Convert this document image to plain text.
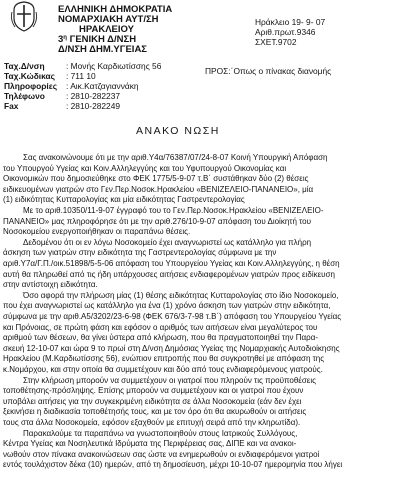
ΕΛΛΗΝΙΚΗ ΔΗΜΟΚΡΑΤΙΑ
ΝΟΜΑΡΧΙΑΚΗ ΑΥΤ/ΣΗ
ΗΡΑΚΛΕΙΟΥ
$3^\eta$ ΓΕΝΙΚΗ Δ/ΝΣΗ
Δ/ΝΣΗ ΔΗΜ.ΥΓΕΙΑΣ
Ηράκλειο 19- 9- 07
Αριθ.πρωτ.9346
ΣΧΕΤ.9702
Ταχ.Δ/νση	: Μονής Καρδιωτίσσης 56
Ταχ.Κώδικας : 711 10
Πληροφορίες : Αικ.Κατζαγιαννάκη
Τηλέφωνο	: 2810-282237
Fax	: 2810-282249
ΠΡΟΣ:΄Οπως ο πίνακας διανομής
ΑΝΑΚΟ ΝΩΣΗ
Σας ανακοινώνουμε ότι με την αριθ.Υ4α/76387/07/24-8-07 Κοινή Υπουργική Απόφαση
του Υπουργού Υγείας και Κοιν.Αλληλεγγύης και του Υφυπουργού Οικονομίας και
Οικονομικών που δημοσιεύθηκε στο ΦΕΚ 1775/5-9-07 τ.Β΄ συστάθηκαν δύο (2) θέσεις
ειδικευομένων γιατρών στο Γεν.Περ.Νοσοκ.Ηρακλείου «ΒΕΝΙΖΕΛΕΙΟ-ΠΑΝΑΝΕΙΟ», μία
(1) ειδικότητας Κυτταρολογίας και μία ειδικότητας Γαστρεντερολογίας
Με το αριθ.10350/11-9-07 έγγραφό του το Γεν.Περ.Νοσοκ.Ηρακλείου «ΒΕΝΙΖΕΛΕΙΟ-
ΠΑΝΑΝΕΙΟ» μας πληροφόρησε ότι με την αριθ.276/10-9-07 απόφαση του Διοίκητή του
Νοσοκομείου ενεργοποιήθηκαν οι παραπάνω θέσεις.
Δεδομένου ότι οι εν λόγω Νοσοκομείο έχει αναγνωριστεί ως κατάλληλο για πλήρη
άσκηση των γιατρών στην ειδικότητα της Γαστρεντερολογίας σύμφωνα με την
αριθ.Υ7α/Γ.Π./οικ.51898/5-5-06 απόφαση του Υπουργείου Υγείας και Κοιν.Αλληλεγγύης, η θέση
αυτή θα πληρωθεί από τις ήδη υπάρχουσες αιτήσεις ενδιαφερομένων γιατρών προς ειδίκευση
στην αντίστοιχη ειδικότητα.
Όσο αφορά την πλήρωση μίας (1) θέσης ειδικότητας Κυτταρολογίας στο ίδιο Νοσοκομείο,
που έχει αναγνωριστεί ως κατάλληλο για ένα (1) χρόνο άσκηση των γιατρών στην ειδικότητα,
σύμφωνα με την αριθ.Α5/3202/23-6-98 (ΦΕΚ 676/3-7-98 τ.Β΄) απόφαση του Υπουργείου Υγείας
και Πρόνοιας, σε πρώτη φάση και εφόσον ο αριθμός των αιτήσεων είναι μεγαλύτερος του
αριθμού των θέσεων, θα γίνει ύστερα από κλήρωση, που θα πραγματοποιηθεί την Παρα-
σκευή 12-10-07 και ώρα 9 το πρωί στη Δ/νση Δημόσιας Υγείας της Νομαρχιακής Αυτοδιοίκησης
Ηρακλείου (Μ.Καρδιωτίσσης 56), ενώπιον επιτροπής που θα συγκροτηθεί με απόφαση της
κ.Νομάρχου, και στην οποία θα συμμετέχουν και δύο από τους ενδιαφερόμενους γιατρούς.
Στην κλήρωση μπορούν να συμμετέχουν οι γιατροί που πληρούν τις προϋποθέσεις
τοποθέτησης-πρόσληψης. Επίσης μπορούν να συμμετέχουν και οι γιατροί που έχουν
υποβάλει αιτήσεις για την συγκεκριμένη ειδικότητα σε άλλα Νοσοκομεία (εάν δεν έχει
ξεκινήσει η διαδικασία τοποθέτησής τους, και με τον όρο ότι θα ακυρωθούν οι αιτήσεις
τους στα άλλα Νοσοκομεία, εφόσον εξαχθούν με επιτυχή σειρά από την κληρωτίδα).
Παρακαλούμε τα παραπάνω να γνωστοποιηθούν στους Ιατρικούς Συλλόγους,
Κέντρα Υγείας και Νοσηλευτικά Ιδρύματα της Περιφέρειας σας, ΔΙΠΕ και να ανακοι-
νωθούν στον πίνακα ανακοινώσεων σας ώστε να ενημερωθούν οι ενδιαφερόμενοι γιατροί
εντός τουλάχιστον δέκα (10) ημερών, από τη δημοσίευση, μέχρι 10-10-07 ημερομηνία που λήγει
